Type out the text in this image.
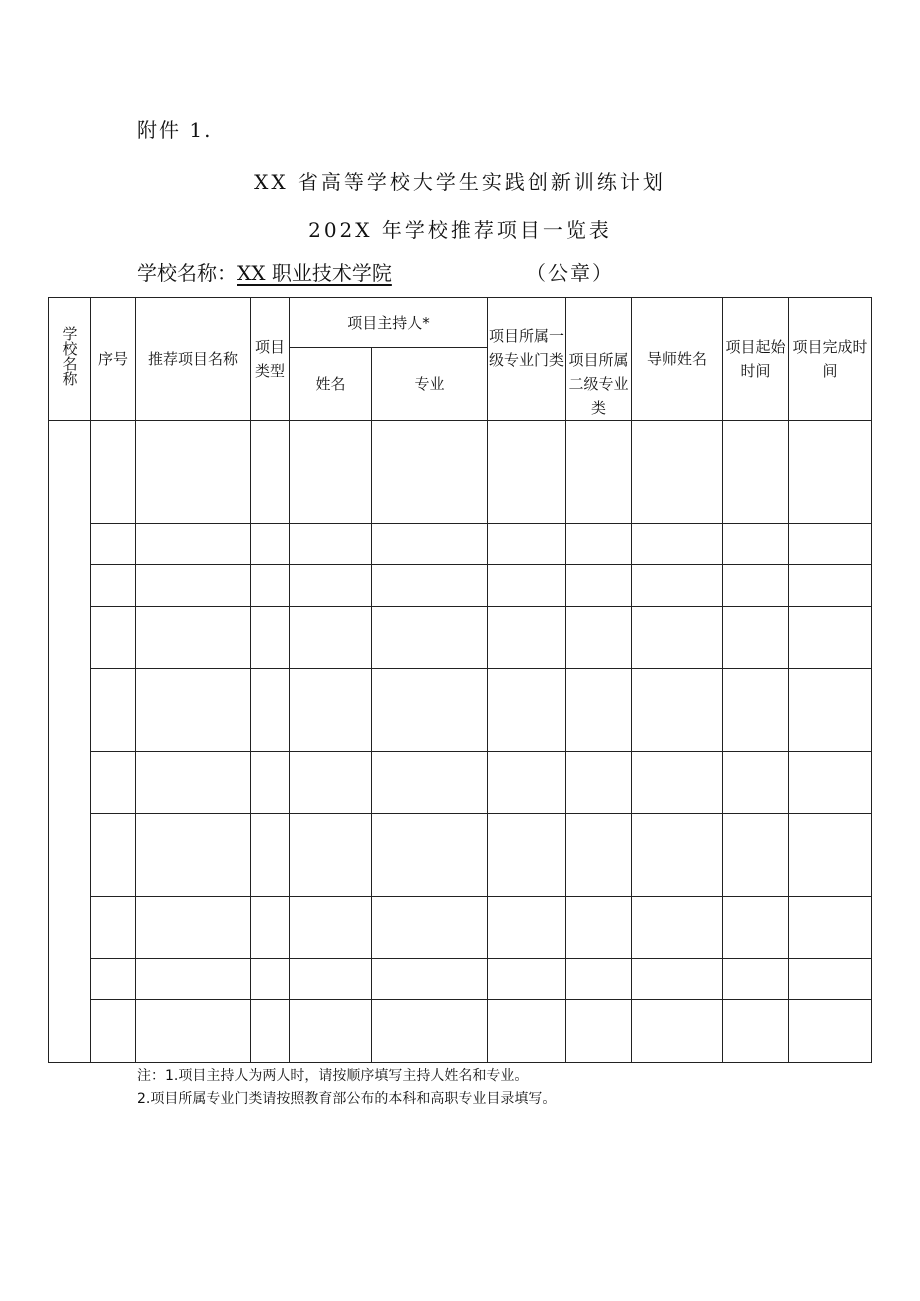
附件 1.
XX 省高等学校大学生实践创新训练计划
202X 年学校推荐项目一览表
学校名称：XX 职业技术学院	（公章）
学校名称	序号	推荐项目名称	项目类型	项目主持人*		项目所属一级专业门类	项目所属二级专业类	导师姓名	项目起始时间	项目完成时间
				姓名	专业					

注：1.项目主持人为两人时，请按顺序填写主持人姓名和专业。
2.项目所属专业门类请按照教育部公布的本科和高职专业目录填写。
